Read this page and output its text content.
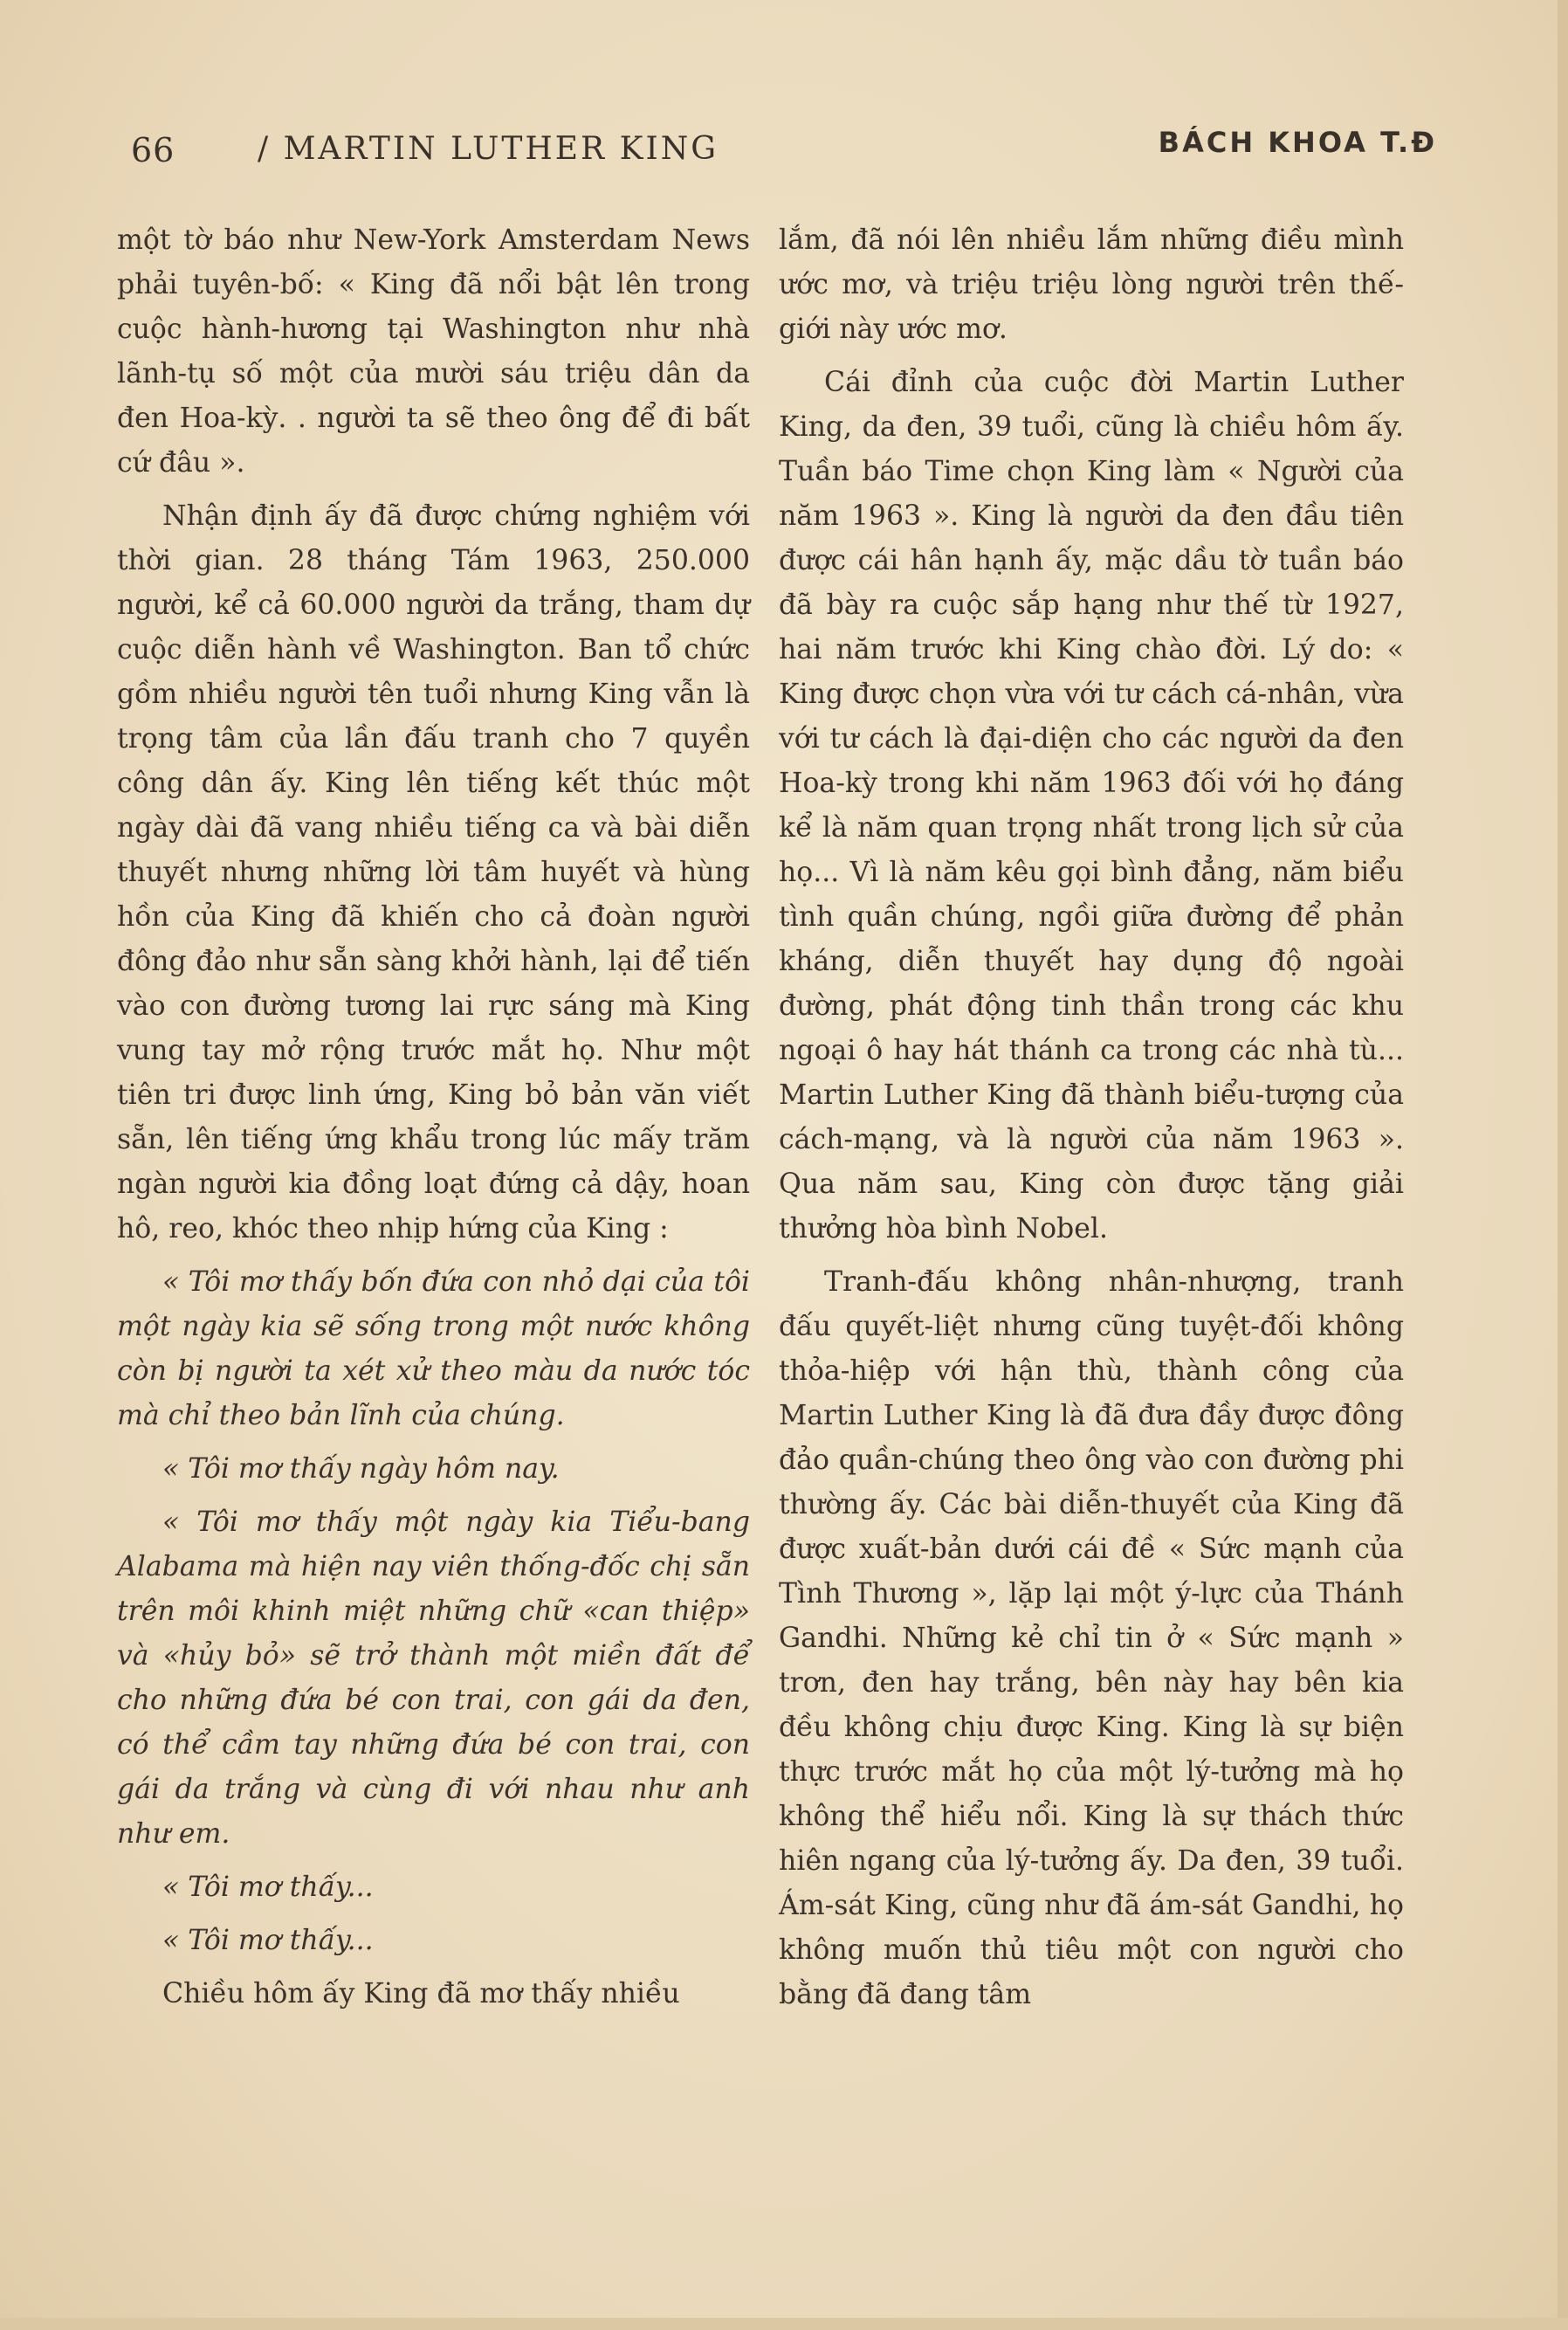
66	/ MARTIN LUTHER KING	BÁCH KHOA T.Đ

một tờ báo như New-York Amsterdam News phải tuyên-bố: « King đã nổi bật lên trong cuộc hành-hương tại Washington như nhà lãnh-tụ số một của mười sáu triệu dân da đen Hoa-kỳ. . người ta sẽ theo ông để đi bất cứ đâu ».

Nhận định ấy đã được chứng nghiệm với thời gian. 28 tháng Tám 1963, 250.000 người, kể cả 60.000 người da trắng, tham dự cuộc diễn hành về Washington. Ban tổ chức gồm nhiều người tên tuổi nhưng King vẫn là trọng tâm của lần đấu tranh cho 7 quyền công dân ấy. King lên tiếng kết thúc một ngày dài đã vang nhiều tiếng ca và bài diễn thuyết nhưng những lời tâm huyết và hùng hồn của King đã khiến cho cả đoàn người đông đảo như sẵn sàng khởi hành, lại để tiến vào con đường tương lai rực sáng mà King vung tay mở rộng trước mắt họ. Như một tiên tri được linh ứng, King bỏ bản văn viết sẵn, lên tiếng ứng khẩu trong lúc mấy trăm ngàn người kia đồng loạt đứng cả dậy, hoan hô, reo, khóc theo nhịp hứng của King :

« Tôi mơ thấy bốn đứa con nhỏ dại của tôi một ngày kia sẽ sống trong một nước không còn bị người ta xét xử theo màu da nước tóc mà chỉ theo bản lĩnh của chúng.

« Tôi mơ thấy ngày hôm nay.

« Tôi mơ thấy một ngày kia Tiểu-bang Alabama mà hiện nay viên thống-đốc chị sẵn trên môi khinh miệt những chữ «can thiệp» và «hủy bỏ» sẽ trở thành một miền đất để cho những đứa bé con trai, con gái da đen, có thể cầm tay những đứa bé con trai, con gái da trắng và cùng đi với nhau như anh như em.

« Tôi mơ thấy...

« Tôi mơ thấy...

Chiều hôm ấy King đã mơ thấy nhiều

lắm, đã nói lên nhiều lắm những điều mình ước mơ, và triệu triệu lòng người trên thế-giới này ước mơ.

Cái đỉnh của cuộc đời Martin Luther King, da đen, 39 tuổi, cũng là chiều hôm ấy. Tuần báo Time chọn King làm « Người của năm 1963 ». King là người da đen đầu tiên được cái hân hạnh ấy, mặc dầu tờ tuần báo đã bày ra cuộc sắp hạng như thế từ 1927, hai năm trước khi King chào đời. Lý do: « King được chọn vừa với tư cách cá-nhân, vừa với tư cách là đại-diện cho các người da đen Hoa-kỳ trong khi năm 1963 đối với họ đáng kể là năm quan trọng nhất trong lịch sử của họ... Vì là năm kêu gọi bình đẳng, năm biểu tình quần chúng, ngồi giữa đường để phản kháng, diễn thuyết hay dụng độ ngoài đường, phát động tinh thần trong các khu ngoại ô hay hát thánh ca trong các nhà tù... Martin Luther King đã thành biểu-tượng của cách-mạng, và là người của năm 1963 ». Qua năm sau, King còn được tặng giải thưởng hòa bình Nobel.

Tranh-đấu không nhân-nhượng, tranh đấu quyết-liệt nhưng cũng tuyệt-đối không thỏa-hiệp với hận thù, thành công của Martin Luther King là đã đưa đầy được đông đảo quần-chúng theo ông vào con đường phi thường ấy. Các bài diễn-thuyết của King đã được xuất-bản dưới cái đề « Sức mạnh của Tình Thương », lặp lại một ý-lực của Thánh Gandhi. Những kẻ chỉ tin ở « Sức mạnh » trơn, đen hay trắng, bên này hay bên kia đều không chịu được King. King là sự biện thực trước mắt họ của một lý-tưởng mà họ không thể hiểu nổi. King là sự thách thức hiên ngang của lý-tưởng ấy. Da đen, 39 tuổi. Ám-sát King, cũng như đã ám-sát Gandhi, họ không muốn thủ tiêu một con người cho bằng đã đang tâm
